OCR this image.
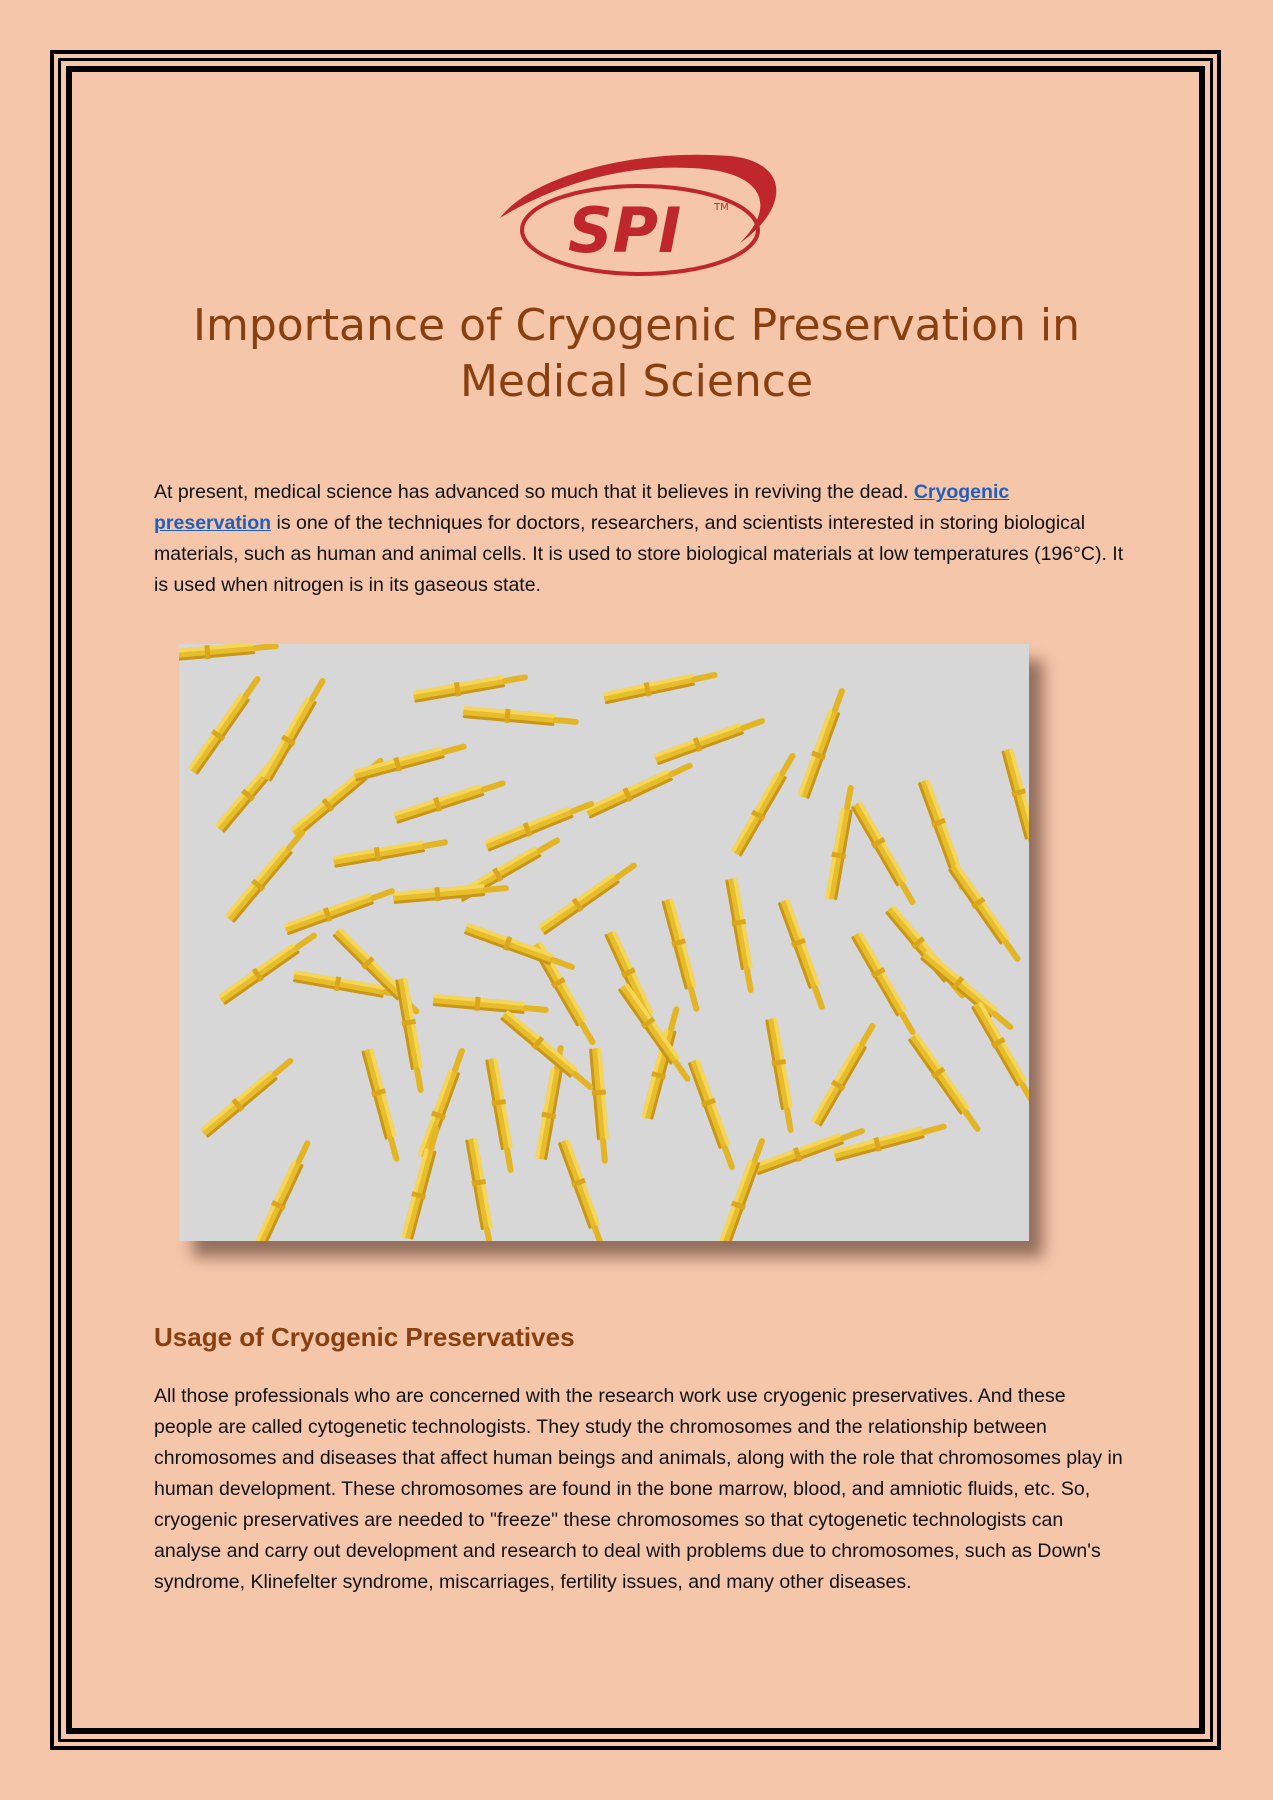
SPI	TM
Importance of Cryogenic Preservation in Medical Science

At present, medical science has advanced so much that it believes in reviving the dead. Cryogenic preservation is one of the techniques for doctors, researchers, and scientists interested in storing biological materials, such as human and animal cells. It is used to store biological materials at low temperatures (196°C). It is used when nitrogen is in its gaseous state.

Usage of Cryogenic Preservatives

All those professionals who are concerned with the research work use cryogenic preservatives. And these people are called cytogenetic technologists. They study the chromosomes and the relationship between chromosomes and diseases that affect human beings and animals, along with the role that chromosomes play in human development. These chromosomes are found in the bone marrow, blood, and amniotic fluids, etc. So, cryogenic preservatives are needed to "freeze" these chromosomes so that cytogenetic technologists can analyse and carry out development and research to deal with problems due to chromosomes, such as Down's syndrome, Klinefelter syndrome, miscarriages, fertility issues, and many other diseases.
